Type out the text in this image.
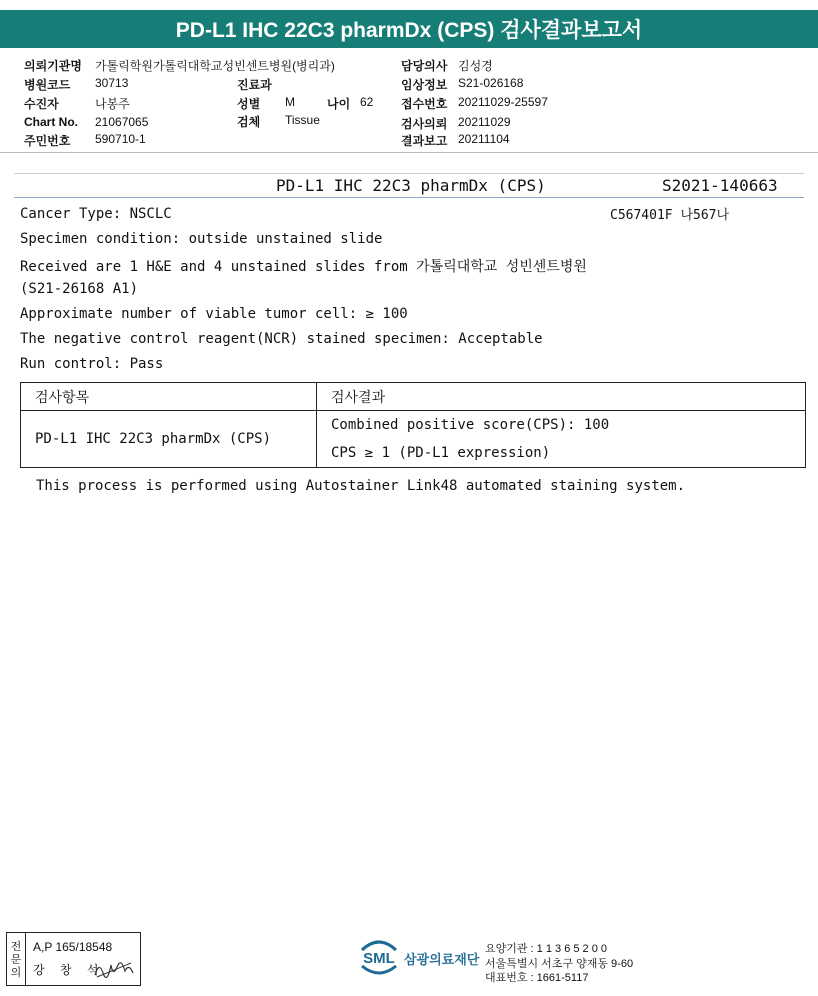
PD-L1 IHC 22C3 pharmDx (CPS) 검사결과보고서
의뢰기관명 가톨릭학원가톨릭대학교성빈센트병원(병리과)
병원코드 30713
수진자	나봉주
Chart No. 21067065
주민번호 590710-1
진료과
성별 M	나이 62
검체 Tissue
담당의사 김성경
임상정보 S21-026168
접수번호 20211029-25597
검사의뢰 20211029
결과보고 20211104
PD-L1 IHC 22C3 pharmDx (CPS)	S2021-140663
C567401F 나567나
Cancer Type: NSCLC
Specimen condition: outside unstained slide
Received are 1 H&E and 4 unstained slides from 가톨릭대학교 성빈센트병원
(S21-26168 A1)
Approximate number of viable tumor cell: ≥ 100
The negative control reagent(NCR) stained specimen: Acceptable
Run control: Pass
검사항목	검사결과
PD-L1 IHC 22C3 pharmDx (CPS)	Combined positive score(CPS): 100
CPS ≥ 1 (PD-L1 expression)
This process is performed using Autostainer Link48 automated staining system.
전
문
의
A,P 165/18548
강 창 석
SML 삼광의료재단
요양기관 : 1 1 3 6 5 2 0 0
서울특별시 서초구 양재동 9-60
대표번호 : 1661-5117
